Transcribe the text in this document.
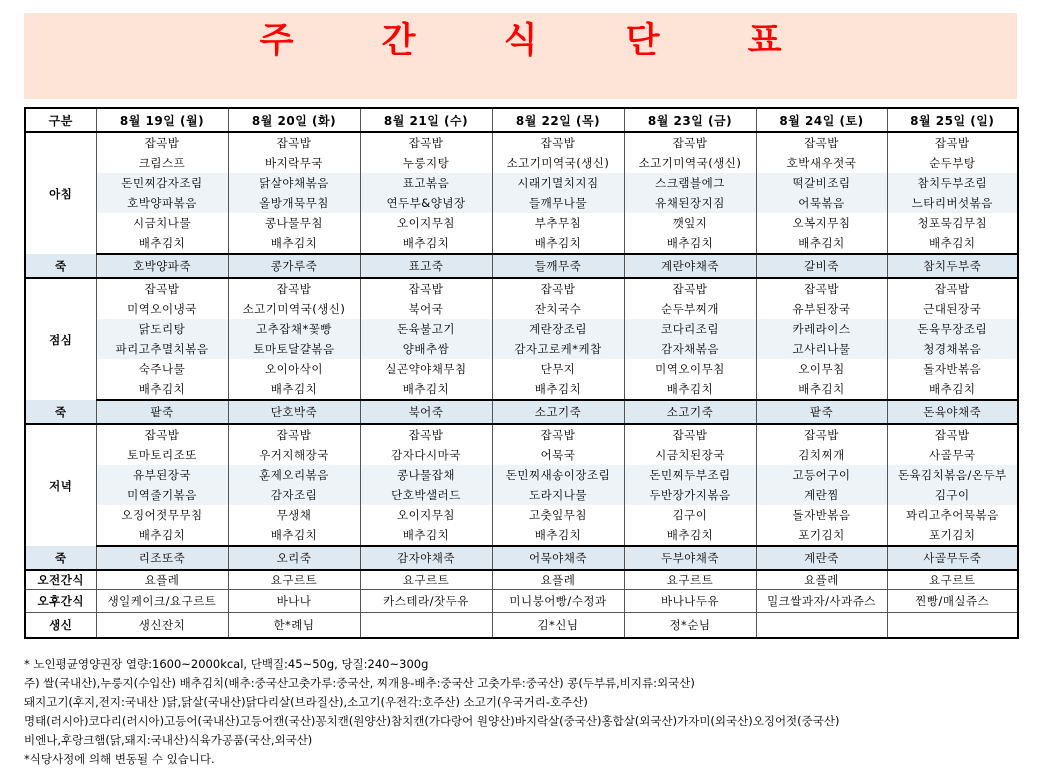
주 간 식 단 표
구분	8월 19일 (월)	8월 20일 (화)	8월 21일 (수)	8월 22일 (목)	8월 23일 (금)	8월 24일 (토)	8월 25일 (일)
아침	잡곡밥	잡곡밥	잡곡밥	잡곡밥	잡곡밥	잡곡밥	잡곡밥
	크림스프	바지락무국	누룽지탕	소고기미역국(생신)	소고기미역국(생신)	호박새우젓국	순두부탕
	돈민찌감자조림	닭살야채볶음	표고볶음	시래기멸치지짐	스크램블에그	떡갈비조림	참치두부조림
	호박양파볶음	올방개묵무침	연두부&양념장	들깨무나물	유채된장지짐	어묵볶음	느타리버섯볶음
	시금치나물	콩나물무침	오이지무침	부추무침	깻잎지	오복지무침	청포묵김무침
	배추김치	배추김치	배추김치	배추김치	배추김치	배추김치	배추김치
죽	호박양파죽	콩가루죽	표고죽	들깨무죽	계란야채죽	갈비죽	참치두부죽
점심	잡곡밥	잡곡밥	잡곡밥	잡곡밥	잡곡밥	잡곡밥	잡곡밥
	미역오이냉국	소고기미역국(생신)	북어국	잔치국수	순두부찌개	유부된장국	근대된장국
	닭도리탕	고추잡채*꽃빵	돈육불고기	계란장조림	코다리조림	카레라이스	돈육무장조림
	파리고추멸치볶음	토마토달걀볶음	양배추쌈	감자고로케*케찹	감자채볶음	고사리나물	청경채볶음
	숙주나물	오이아삭이	실곤약야채무침	단무지	미역오이무침	오이무침	돌자반볶음
	배추김치	배추김치	배추김치	배추김치	배추김치	배추김치	배추김치
죽	팥죽	단호박죽	북어죽	소고기죽	소고기죽	팥죽	돈육야채죽
저녁	잡곡밥	잡곡밥	잡곡밥	잡곡밥	잡곡밥	잡곡밥	잡곡밥
	토마토리조또	우거지해장국	감자다시마국	어묵국	시금치된장국	김치찌개	사골무국
	유부된장국	훈제오리볶음	콩나물잡채	돈민찌새송이장조림	돈민찌두부조림	고등어구이	돈육김치볶음/온두부
	미역줄기볶음	감자조림	단호박샐러드	도라지나물	두반장가지볶음	계란찜	김구이
	오징어젓무무침	무생채	오이지무침	고춧잎무침	김구이	돌자반볶음	꽈리고추어묵볶음
	배추김치	배추김치	배추김치	배추김치	배추김치	포기김치	포기김치
죽	리조또죽	오리죽	감자야채죽	어묵야채죽	두부야채죽	계란죽	사골무두죽
오전간식	요플레	요구르트	요구르트	요플레	요구르트	요플레	요구르트
오후간식	생일케이크/요구르트	바나나	카스테라/잣두유	미니붕어빵/수정과	바나나두유	밀크쌀과자/사과쥬스	찐빵/매실쥬스
생신	생신잔치	한*례님		김*신님	정*순님		
* 노인평균영양권장 열량:1600~2000kcal, 단백질:45~50g, 당질:240~300g
주) 쌀(국내산),누룽지(수입산) 배추김치(배추:중국산고춧가루:중국산, 찌개용-배추:중국산 고춧가루:중국산) 콩(두부류,비지류:외국산)
돼지고기(후지,전지:국내산 )닭,닭살(국내산)닭다리살(브라질산),소고기(우전각:호주산) 소고기(우국거리-호주산)
명태(러시아)코다리(러시아)고등어(국내산)고등어캔(국산)꽁치캔(원양산)참치캔(가다랑어 원양산)바지락살(중국산)홍합살(외국산)가자미(외국산)오징어젓(중국산)
비엔나,후랑크햄(닭,돼지:국내산)식육가공품(국산,외국산)
*식당사정에 의해 변동될 수 있습니다.
